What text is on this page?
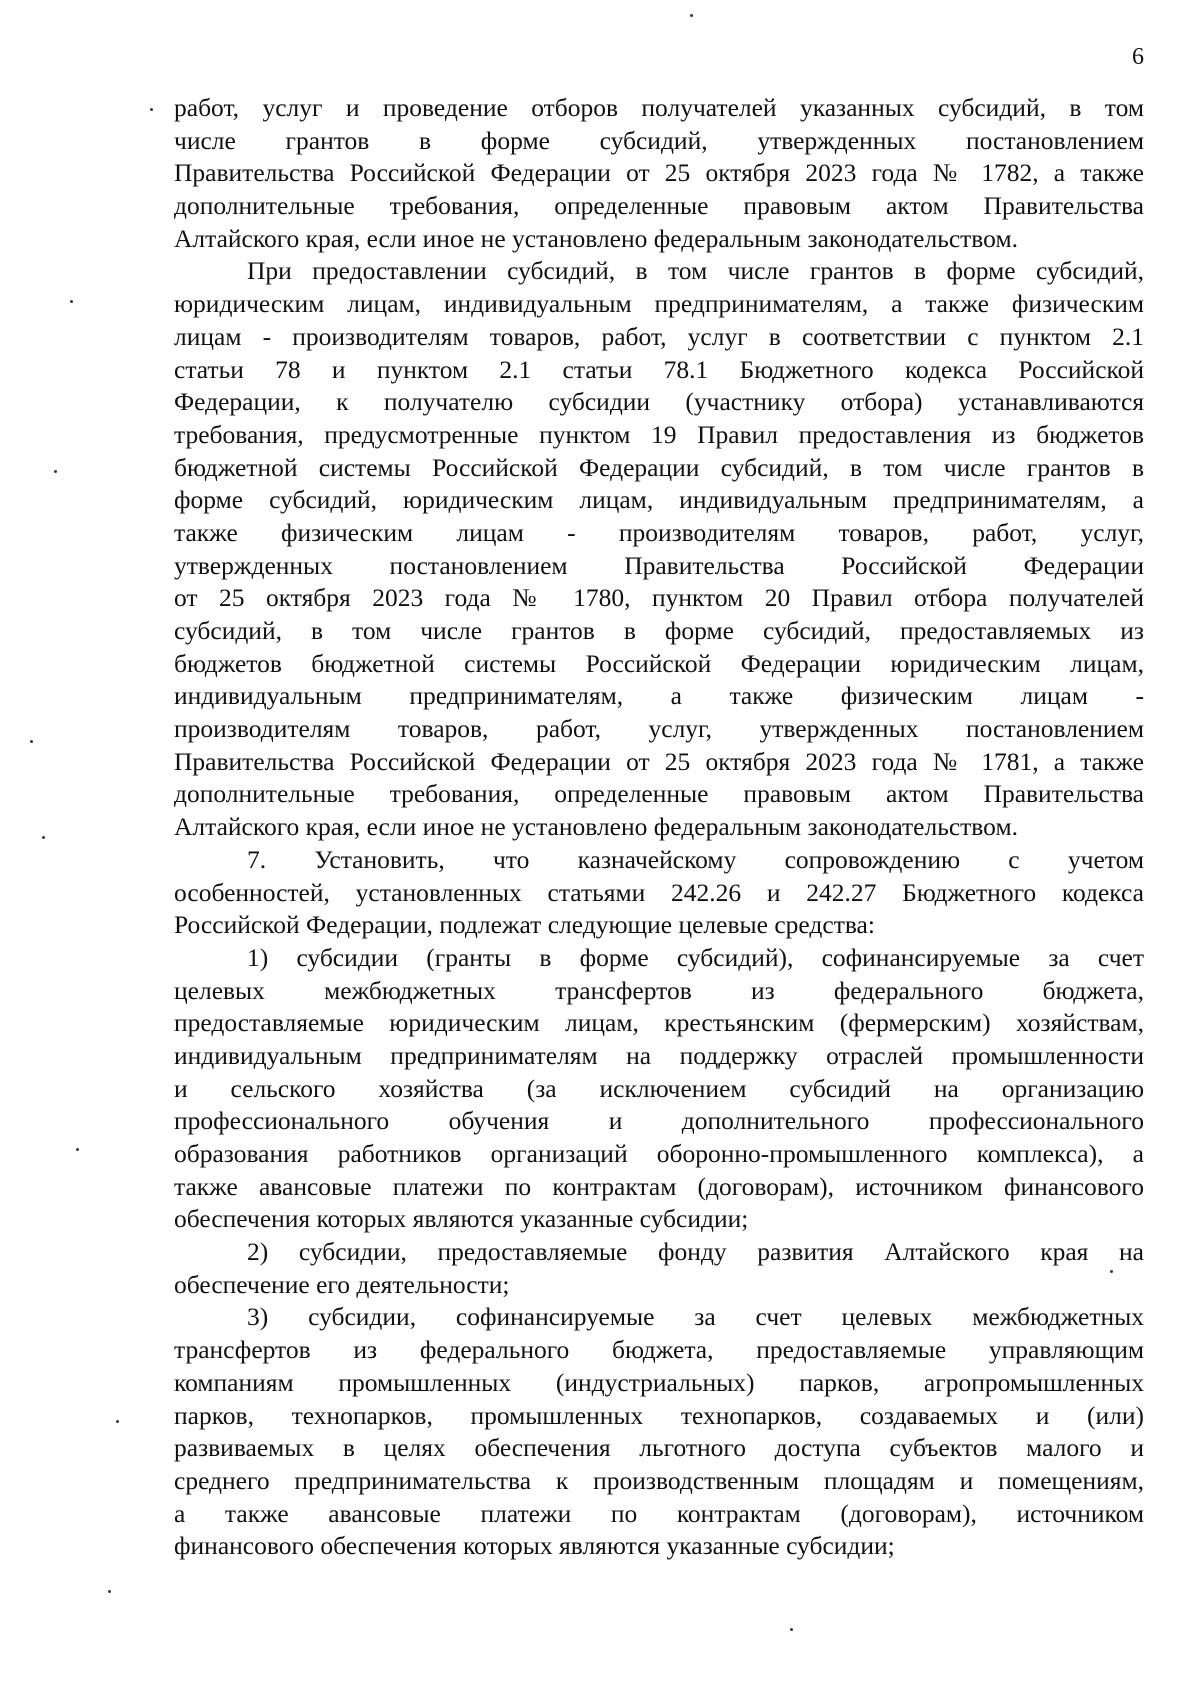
6
работ, услуг и проведение отборов получателей указанных субсидий, в том
числе грантов в форме субсидий, утвержденных постановлением
Правительства Российской Федерации от 25 октября 2023 года № 1782, а также
дополнительные требования, определенные правовым актом Правительства
Алтайского края, если иное не установлено федеральным законодательством.
При предоставлении субсидий, в том числе грантов в форме субсидий,
юридическим лицам, индивидуальным предпринимателям, а также физическим
лицам - производителям товаров, работ, услуг в соответствии с пунктом 2.1
статьи 78 и пунктом 2.1 статьи 78.1 Бюджетного кодекса Российской
Федерации, к получателю субсидии (участнику отбора) устанавливаются
требования, предусмотренные пунктом 19 Правил предоставления из бюджетов
бюджетной системы Российской Федерации субсидий, в том числе грантов в
форме субсидий, юридическим лицам, индивидуальным предпринимателям, а
также физическим лицам - производителям товаров, работ, услуг,
утвержденных постановлением Правительства Российской Федерации
от 25 октября 2023 года № 1780, пунктом 20 Правил отбора получателей
субсидий, в том числе грантов в форме субсидий, предоставляемых из
бюджетов бюджетной системы Российской Федерации юридическим лицам,
индивидуальным предпринимателям, а также физическим лицам -
производителям товаров, работ, услуг, утвержденных постановлением
Правительства Российской Федерации от 25 октября 2023 года № 1781, а также
дополнительные требования, определенные правовым актом Правительства
Алтайского края, если иное не установлено федеральным законодательством.
7. Установить, что казначейскому сопровождению с учетом
особенностей, установленных статьями 242.26 и 242.27 Бюджетного кодекса
Российской Федерации, подлежат следующие целевые средства:
1) субсидии (гранты в форме субсидий), софинансируемые за счет
целевых межбюджетных трансфертов из федерального бюджета,
предоставляемые юридическим лицам, крестьянским (фермерским) хозяйствам,
индивидуальным предпринимателям на поддержку отраслей промышленности
и сельского хозяйства (за исключением субсидий на организацию
профессионального обучения и дополнительного профессионального
образования работников организаций оборонно-промышленного комплекса), а
также авансовые платежи по контрактам (договорам), источником финансового
обеспечения которых являются указанные субсидии;
2) субсидии, предоставляемые фонду развития Алтайского края на
обеспечение его деятельности;
3) субсидии, софинансируемые за счет целевых межбюджетных
трансфертов из федерального бюджета, предоставляемые управляющим
компаниям промышленных (индустриальных) парков, агропромышленных
парков, технопарков, промышленных технопарков, создаваемых и (или)
развиваемых в целях обеспечения льготного доступа субъектов малого и
среднего предпринимательства к производственным площадям и помещениям,
а также авансовые платежи по контрактам (договорам), источником
финансового обеспечения которых являются указанные субсидии;
